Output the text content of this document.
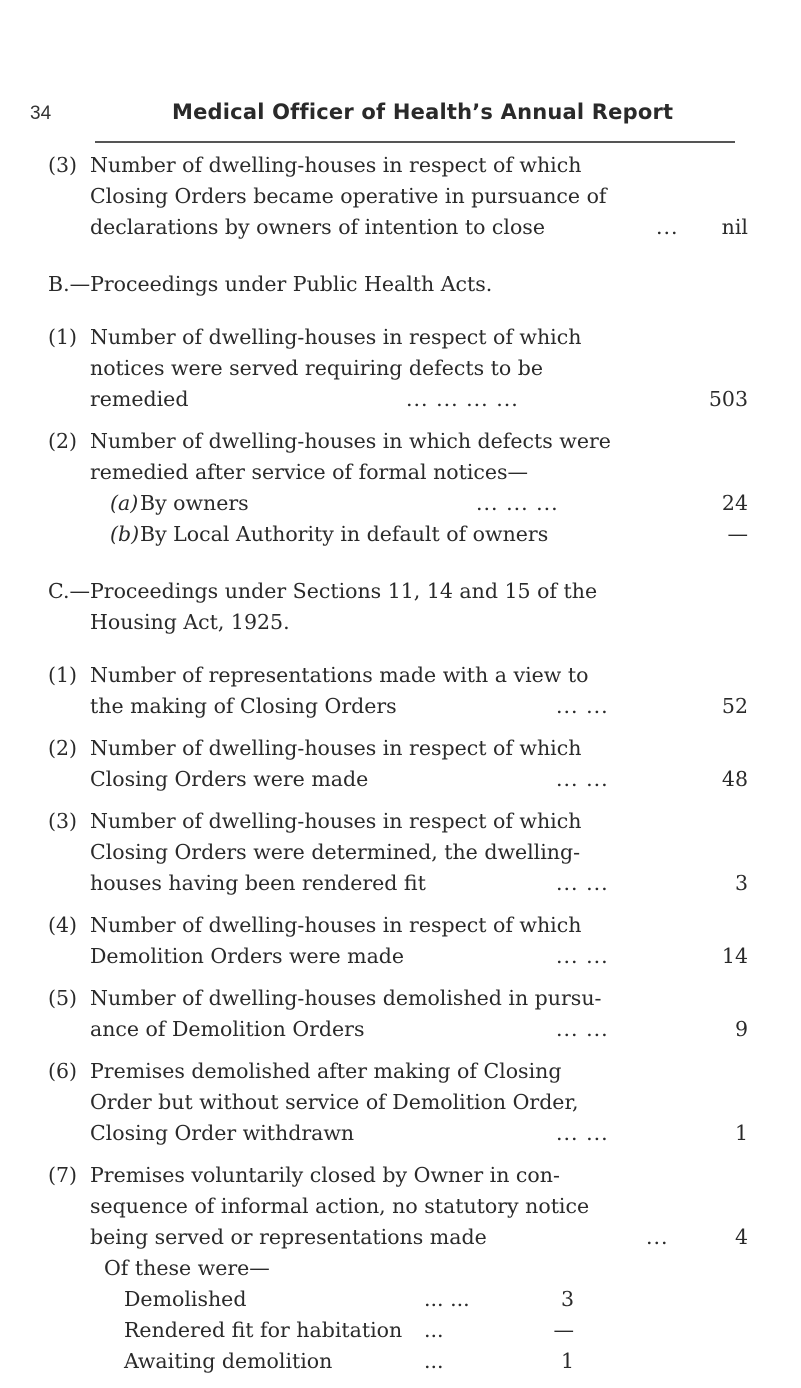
34	Medical Officer of Health’s Annual Report
(3) Number of dwelling-houses in respect of which
Closing Orders became operative in pursuance of
declarations by owners of intention to close	...	nil
B.—Proceedings under Public Health Acts.
(1) Number of dwelling-houses in respect of which
notices were served requiring defects to be
remedied	... ... ... ...	503
(2) Number of dwelling-houses in which defects were
remedied after service of formal notices—
(a) By owners	... ... ...	24
(b) By Local Authority in default of owners	—
C.—Proceedings under Sections 11, 14 and 15 of the
Housing Act, 1925.
(1) Number of representations made with a view to
the making of Closing Orders	... ...	52
(2) Number of dwelling-houses in respect of which
Closing Orders were made	... ...	48
(3) Number of dwelling-houses in respect of which
Closing Orders were determined, the dwelling-
houses having been rendered fit	... ...	3
(4) Number of dwelling-houses in respect of which
Demolition Orders were made	... ...	14
(5) Number of dwelling-houses demolished in pursu-
ance of Demolition Orders	... ...	9
(6) Premises demolished after making of Closing
Order but without service of Demolition Order,
Closing Order withdrawn	... ...	1
(7) Premises voluntarily closed by Owner in con-
sequence of informal action, no statutory notice
being served or representations made	...	4
Of these were—
Demolished	... ...	3
Rendered fit for habitation	...	—
Awaiting demolition	...	1
